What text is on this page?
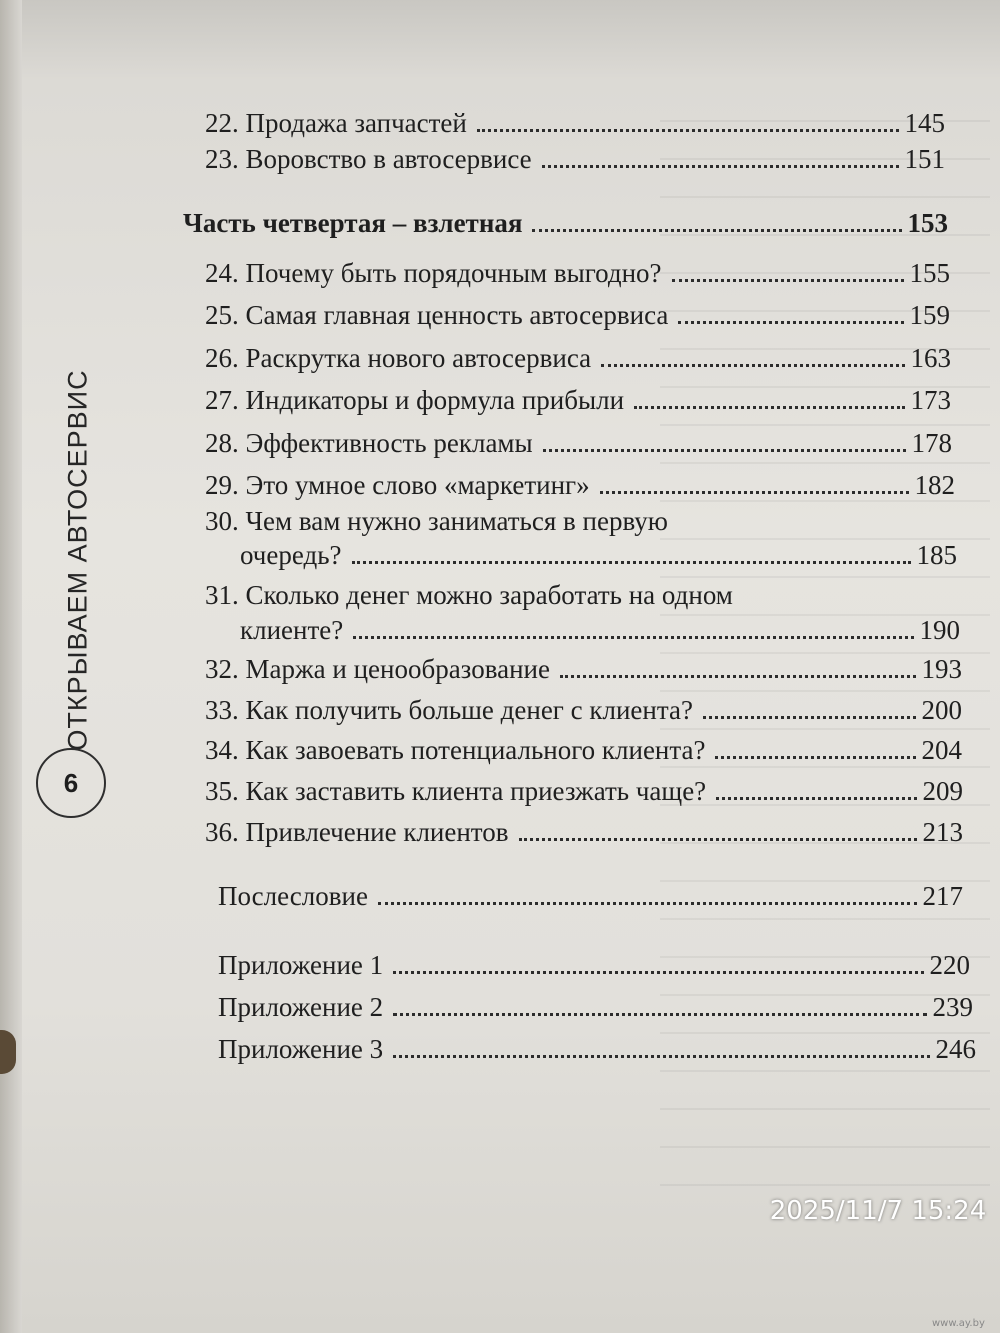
ОТКРЫВАЕМ АВТОСЕРВИС
6
22. Продажа запчастей	145
23. Воровство в автосервисе	151
Часть четвертая – взлетная	153
24. Почему быть порядочным выгодно?	155
25. Самая главная ценность автосервиса	159
26. Раскрутка нового автосервиса	163
27. Индикаторы и формула прибыли	173
28. Эффективность рекламы	178
29. Это умное слово «маркетинг»	182
30. Чем вам нужно заниматься в первую
очередь?	185
31. Сколько денег можно заработать на одном
клиенте?	190
32. Маржа и ценообразование	193
33. Как получить больше денег с клиента?	200
34. Как завоевать потенциального клиента?	204
35. Как заставить клиента приезжать чаще?	209
36. Привлечение клиентов	213
Послесловие	217
Приложение 1	220
Приложение 2	239
Приложение 3	246
2025/11/7 15:24
www.ay.by
